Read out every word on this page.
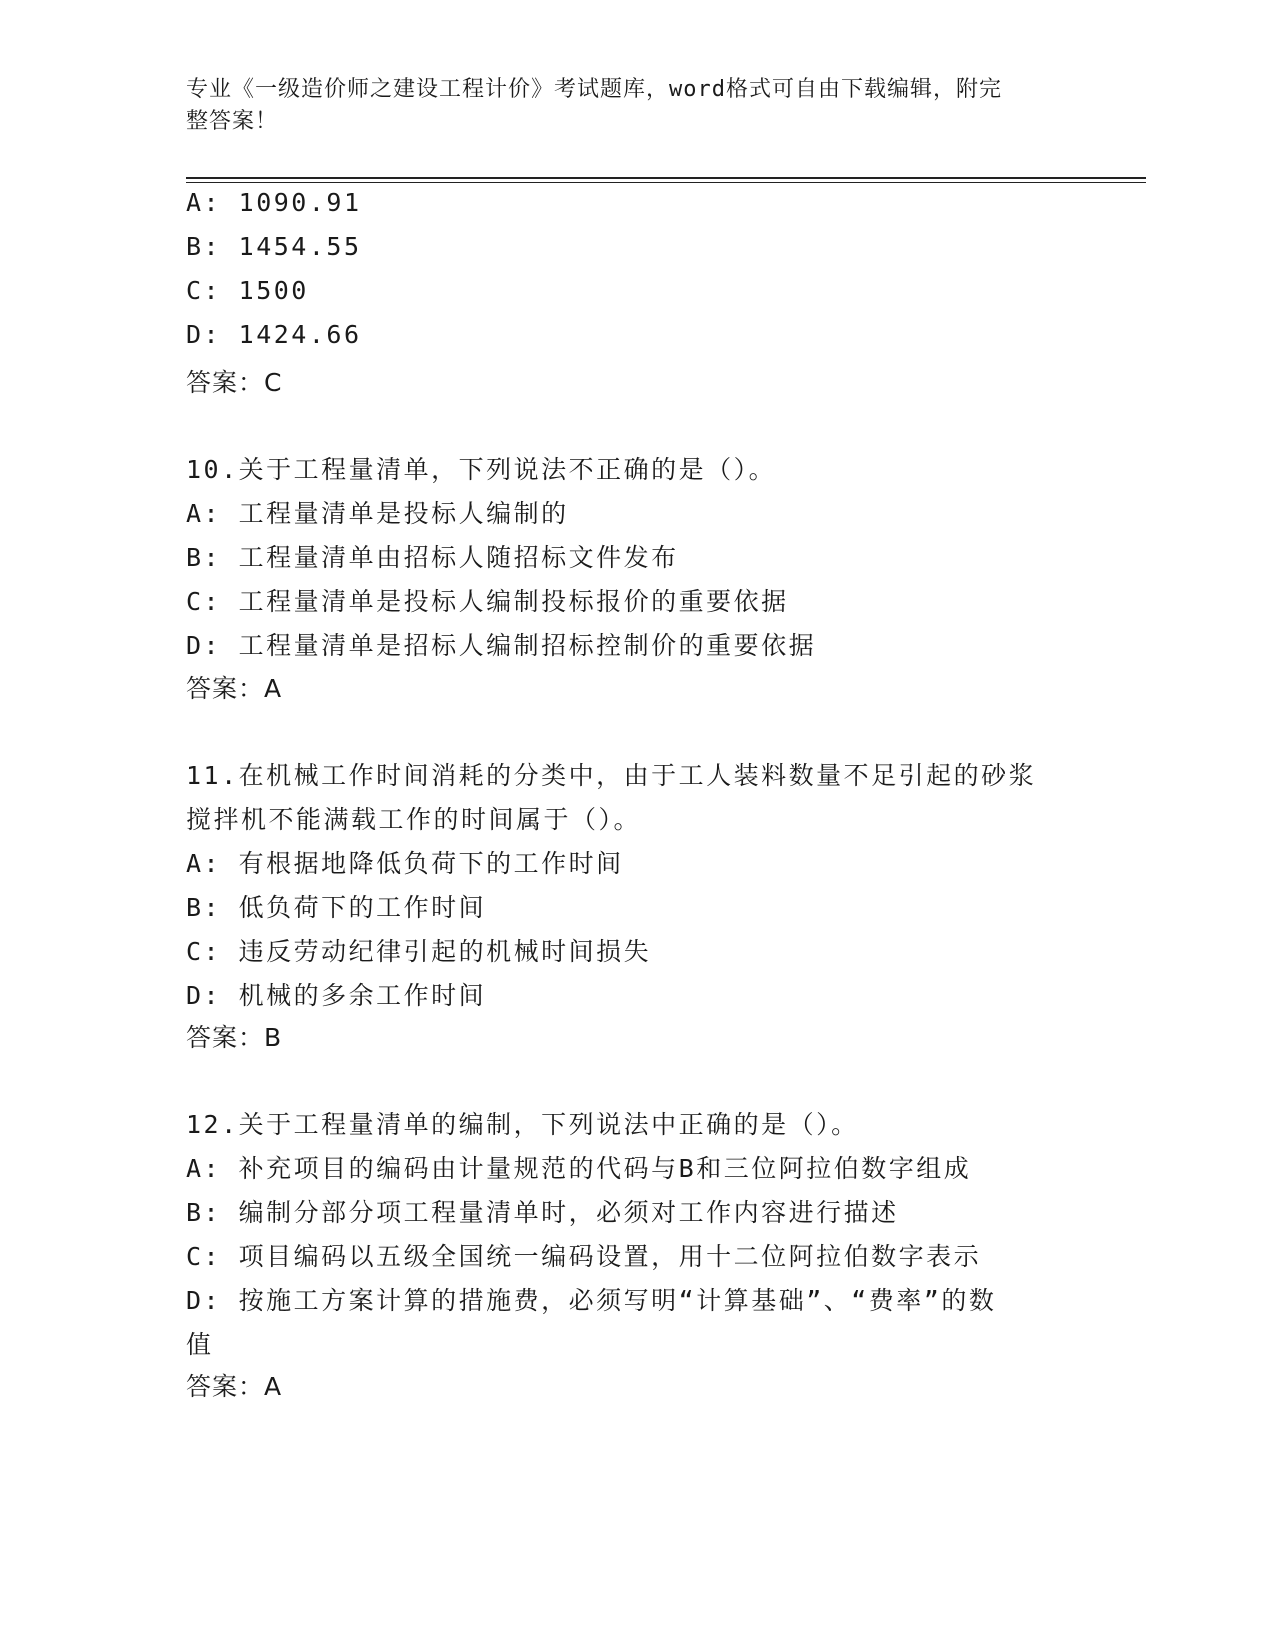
专业《一级造价师之建设工程计价》考试题库，word格式可自由下载编辑，附完
整答案！
A: 1090.91
B: 1454.55
C: 1500
D: 1424.66
答案：C
10.关于工程量清单，下列说法不正确的是（）。
A: 工程量清单是投标人编制的
B: 工程量清单由招标人随招标文件发布
C: 工程量清单是投标人编制投标报价的重要依据
D: 工程量清单是招标人编制招标控制价的重要依据
答案：A
11.在机械工作时间消耗的分类中，由于工人装料数量不足引起的砂浆
搅拌机不能满载工作的时间属于（）。
A: 有根据地降低负荷下的工作时间
B: 低负荷下的工作时间
C: 违反劳动纪律引起的机械时间损失
D: 机械的多余工作时间
答案：B
12.关于工程量清单的编制，下列说法中正确的是（）。
A: 补充项目的编码由计量规范的代码与B和三位阿拉伯数字组成
B: 编制分部分项工程量清单时，必须对工作内容进行描述
C: 项目编码以五级全国统一编码设置，用十二位阿拉伯数字表示
D: 按施工方案计算的措施费，必须写明“计算基础”、“费率”的数
值
答案：A
